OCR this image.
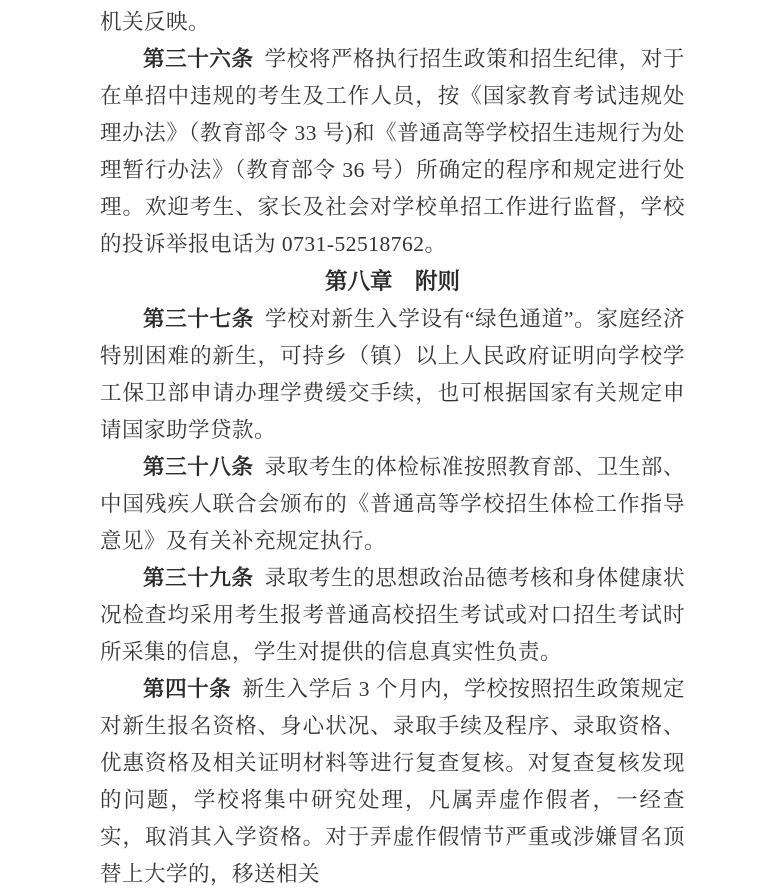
机关反映。

第三十六条 学校将严格执行招生政策和招生纪律，对于在单招中违规的考生及工作人员，按《国家教育考试违规处理办法》（教育部令 33 号)和《普通高等学校招生违规行为处理暂行办法》（教育部令 36 号）所确定的程序和规定进行处理。欢迎考生、家长及社会对学校单招工作进行监督，学校的投诉举报电话为 0731-52518762。

第八章　附则

第三十七条 学校对新生入学设有“绿色通道”。家庭经济特别困难的新生，可持乡（镇）以上人民政府证明向学校学工保卫部申请办理学费缓交手续，也可根据国家有关规定申请国家助学贷款。

第三十八条 录取考生的体检标准按照教育部、卫生部、中国残疾人联合会颁布的《普通高等学校招生体检工作指导意见》及有关补充规定执行。

第三十九条 录取考生的思想政治品德考核和身体健康状况检查均采用考生报考普通高校招生考试或对口招生考试时所采集的信息，学生对提供的信息真实性负责。

第四十条 新生入学后 3 个月内，学校按照招生政策规定对新生报名资格、身心状况、录取手续及程序、录取资格、优惠资格及相关证明材料等进行复查复核。对复查复核发现的问题，学校将集中研究处理，凡属弄虚作假者，一经查实，取消其入学资格。对于弄虚作假情节严重或涉嫌冒名顶替上大学的，移送相关
